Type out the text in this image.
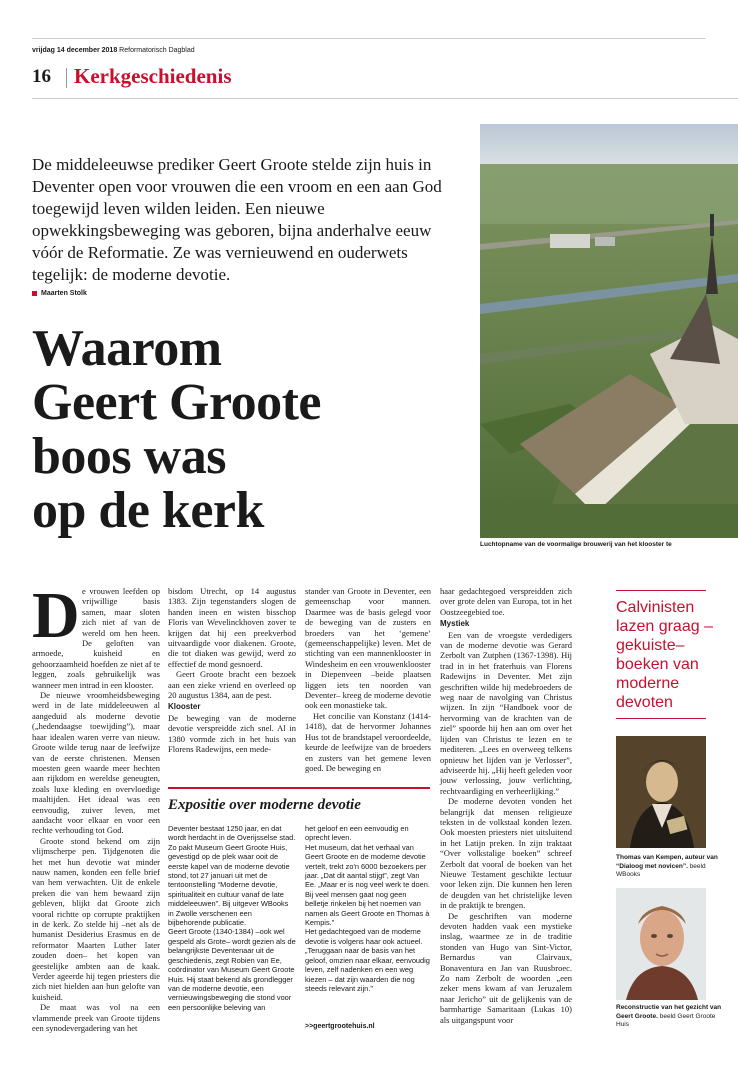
vrijdag 14 december 2018 Reformatorisch Dagblad
16 Kerkgeschiedenis
De middeleeuwse prediker Geert Groote stelde zijn huis in Deventer open voor vrouwen die een vroom en een aan God toegewijd leven wilden leiden. Een nieuwe opwekkingsbeweging was geboren, bijna anderhalve eeuw vóór de Reformatie. Ze was vernieuwend en ouderwets tegelijk: de moderne devotie.
Maarten Stolk
Waarom
Geert Groote
boos was
op de kerk
Luchtopname van de voormalige brouwerij van het klooster te
D e vrouwen leefden op vrijwillige basis samen, maar sloten zich niet af van de wereld om hen heen. De geloften van armoede, kuisheid en gehoorzaamheid hoefden ze niet af te leggen, zoals gebruikelijk was wanneer men intrad in een klooster.

De nieuwe vroomheidsbeweging werd in de late middeleeuwen al aangeduid als moderne devotie („hedendaagse toewijding”), maar haar idealen waren verre van nieuw. Groote wilde terug naar de leefwijze van de eerste christenen. Mensen moesten geen waarde meer hechten aan rijkdom en wereldse geneugten, zoals luxe kleding en overvloedige maaltijden. Het ideaal was een eenvoudig, zuiver leven, met aandacht voor elkaar en voor een rechte verhouding tot God.

Groote stond bekend om zijn vlijmscherpe pen. Tijdgenoten die het met hun devotie wat minder nauw namen, konden een felle brief van hem verwachten. Uit de enkele preken die van hem bewaard zijn gebleven, blijkt dat Groote zich vooral richtte op corrupte praktijken in de kerk. Zo stelde hij –net als de humanist Desiderius Erasmus en de reformator Maarten Luther later zouden doen– het kopen van geestelijke ambten aan de kaak. Verder ageerde hij tegen priesters die zich niet hielden aan hun gelofte van kuisheid.

De maat was vol na een vlammende preek van Groote tijdens een synodevergadering van het

bisdom Utrecht, op 14 augustus 1383. Zijn tegenstanders slogen de handen ineen en wisten bisschop Floris van Wevelinckhoven zover te krijgen dat hij een preekverbod uitvaardigde voor diakenen. Groote, die tot diaken was gewijd, werd zo effectief de mond gesnoerd.

Geert Groote bracht een bezoek aan een zieke vriend en overleed op 20 augustus 1384, aan de pest.

Klooster

De beweging van de moderne devotie verspreidde zich snel. Al in 1380 vormde zich in het huis van Florens Radewijns, een mede-

stander van Groote in Deventer, een gemeenschap voor mannen. Daarmee was de basis gelegd voor de beweging van de zusters en broeders van het ‘gemene’ (gemeenschappelijke) leven. Met de stichting van een mannenklooster in Windesheim en een vrouwenklooster in Diepenveen –beide plaatsen liggen iets ten noorden van Deventer– kreeg de moderne devotie ook een monastieke tak.

Het concilie van Konstanz (1414-1418), dat de hervormer Johannes Hus tot de brandstapel veroordeelde, keurde de leefwijze van de broeders en zusters van het gemene leven goed. De beweging en

haar gedachtegoed verspreidden zich over grote delen van Europa, tot in het Oostzeegebied toe.

Mystiek

Een van de vroegste verdedigers van de moderne devotie was Gerard Zerbolt van Zutphen (1367-1398). Hij trad in in het fraterhuis van Florens Radewijns in Deventer. Met zijn geschriften wilde hij medebroeders de weg naar de navolging van Christus wijzen. In zijn “Handboek voor de hervorming van de krachten van de ziel” spoorde hij hen aan om over het lijden van Christus te lezen en te mediteren. „Lees en overweeg telkens opnieuw het lijden van je Verlosser”, adviseerde hij. „Hij heeft geleden voor jouw verlossing, jouw verlichting, rechtvaardiging en verheerlijking.”

De moderne devoten vonden het belangrijk dat mensen religieuze teksten in de volkstaal konden lezen. Ook moesten priesters niet uitsluitend in het Latijn preken. In zijn traktaat “Over volkstalige boeken” schreef Zerbolt dat vooral de boeken van het Nieuwe Testament geschikte lectuur voor leken zijn. Die kunnen hen leren de deugden van het christelijke leven in de praktijk te brengen.

De geschriften van moderne devoten hadden vaak een mystieke inslag, waarmee ze in de traditie stonden van Hugo van Sint-Victor, Bernardus van Clairvaux, Bonaventura en Jan van Ruusbroec. Zo nam Zerbolt de woorden „een zeker mens kwam af van Jeruzalem naar Jericho” uit de gelijkenis van de barmhartige Samaritaan (Lukas 10) als uitgangspunt voor

Expositie over moderne devotie
Deventer bestaat 1250 jaar, en dat wordt herdacht in de Overijsselse stad. Zo pakt Museum Geert Groote Huis, gevestigd op de plek waar ooit de eerste kapel van de moderne devotie stond, tot 27 januari uit met de tentoonstelling “Moderne devotie, spiritualiteit en cultuur vanaf de late middeleeuwen”. Bij uitgever WBooks in Zwolle verschenen een bijbehorende publicatie.
Geert Groote (1340-1384) –ook wel gespeld als Grote– wordt gezien als de belangrijkste Deventenaar uit de geschiedenis, zegt Robien van Ee, coördinator van Museum Geert Groote Huis. Hij staat bekend als grondlegger van de moderne devotie, een vernieuwingsbeweging die stond voor een persoonlijke beleving van
het geloof en een eenvoudig en oprecht leven.
Het museum, dat het verhaal van Geert Groote en de moderne devotie vertelt, trekt zo'n 6000 bezoekers per jaar. „Dat dit aantal stijgt”, zegt Van Ee. „Maar er is nog veel werk te doen. Bij veel mensen gaat nog geen belletje rinkelen bij het noemen van namen als Geert Groote en Thomas à Kempis.”
Het gedachtegoed van de moderne devotie is volgens haar ook actueel. „Teruggaan naar de basis van het geloof, omzien naar elkaar, eenvoudig leven, zelf nadenken en een weg kiezen – dat zijn waarden die nog steeds relevant zijn.”
>>geertgrootehuis.nl
Calvinisten lazen graag –gekuiste– boeken van moderne devoten
Thomas van Kempen, auteur van “Dialoog met novicen”. beeld WBooks
Reconstructie van het gezicht van Geert Groote. beeld Geert Groote Huis
